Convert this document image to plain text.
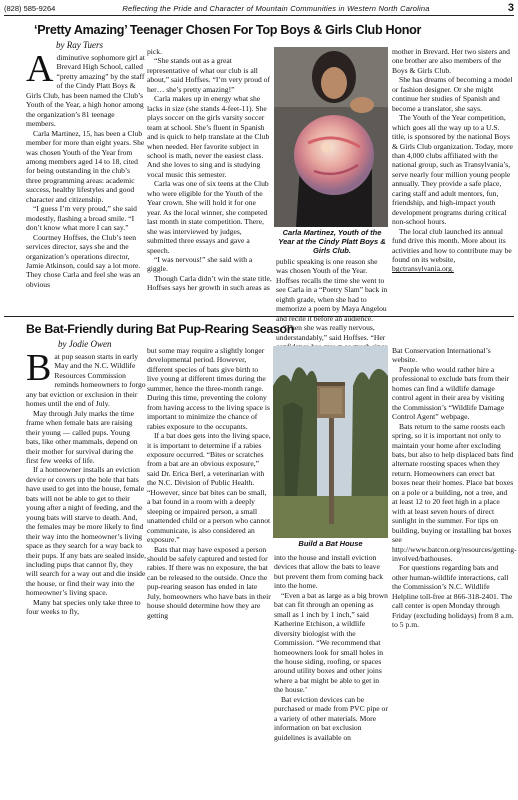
(828) 585-9264	Reflecting the Pride and Character of Mountain Communities in Western North Carolina	3
‘Pretty Amazing’ Teenager Chosen For Top Boys & Girls Club Honor
by Ray Tuers

Adiminutive sophomore girl at Brevard High School, called “pretty amazing” by the staff of the Cindy Platt Boys & Girls Club, has been named the Club’s Youth of the Year, a high honor among the organization’s 81 teenage members.

Carla Martinez, 15, has been a Club member for more than eight years. She was chosen Youth of the Year from among members aged 14 to 18, cited for being outstanding in the club’s three programming areas: academic success, healthy lifestyles and good character and citizenship.

“I guess I’m very proud,” she said modestly, flashing a broad smile. “I don’t know what more I can say.”

Courtney Hoffses, the Club’s teen services director, says she and the organization’s operations director, Jamie Atkinson, could say a lot more. They chose Carla and feel she was an obvious

pick.

“She stands out as a great representative of what our club is all about,” said Hoffses. “I’m very proud of her… she’s pretty amazing!”

Carla makes up in energy what she lacks in size (she stands 4-feet-11). She plays soccer on the girls varsity soccer team at school. She’s fluent in Spanish and is quick to help translate at the Club when needed. Her favorite subject in school is math, never the easiest class. And she loves to sing and is studying vocal music this semester.

Carla was one of six teens at the Club who were eligible for the Youth of the Year crown. She will hold it for one year. As the local winner, she competed last month in state competition. There, she was interviewed by judges, submitted three essays and gave a speech.

“I was nervous!” she said with a giggle.

Though Carla didn’t win the state title, Hoffses says her growth in such areas as

Carla Martinez, Youth of the Year at the Cindy Platt Boys & Girls Club.

public speaking is one reason she was chosen Youth of the Year. Hoffses recalls the time she went to see Carla in a “Poetry Slam” back in eighth grade, when she had to memorize a poem by Maya Angelou and recite it before an audience.

“Then she was really nervous, understandably,” said Hoffses. “Her

mother in Brevard. Her two sisters and one brother are also members of the Boys & Girls Club.

She has dreams of becoming a model or fashion designer. Or she might continue her studies of Spanish and become a translator, she says.

The Youth of the Year competition, which goes all the way up to a U.S. title, is sponsored by the national Boys & Girls Club organization. Today, more than 4,000 clubs affiliated with the national group, such as Transylvania’s, serve nearly four million young people annually. They provide a safe place, caring staff and adult mentors, fun, friendship, and high-impact youth development programs during critical non-school hours.

The local club launched its annual fund drive this month. More about its activities and how to contribute may be found on its website,

bgctransylvania.org.

Be Bat-Friendly during Bat Pup-Rearing Season
by Jodie Owen

Bat pup season starts in early May and the N.C. Wildlife Resources Commission reminds homeowners to forgo any bat eviction or exclusion in their homes until the end of July.

May through July marks the time frame when female bats are raising their young — called pups. Young bats, like other mammals, depend on their mother for survival during the first few weeks of life.

If a homeowner installs an eviction device or covers up the hole that bats have used to get into the house, female bats will not be able to get to their young after a night of feeding, and the young bats will starve to death. And, the females may be more likely to find their way into the homeowner’s living space as they search for a way back to their pups. If any bats are sealed inside, including pups that cannot fly, they will search for a way out and die inside the house, or find their way into the homeowner’s living space.

Many bat species only take three to four weeks to fly,

but some may require a slightly longer developmental period. However, different species of bats give birth to live young at different times during the summer, hence the three-month range. During this time, preventing the colony from having access to the living space is important to minimize the chance of rabies exposure to the occupants.

If a bat does gets into the living space, it is important to determine if a rabies exposure occurred. “Bites or scratches from a bat are an obvious exposure,” said Dr. Erica Berl, a veterinarian with the N.C. Division of Public Health. “However, since bat bites can be small, a bat found in a room with a deeply sleeping or impaired person, a small unattended child or a person who cannot communicate, is also considered an exposure.”

Bats that may have exposed a person should be safely captured and tested for rabies. If there was no exposure, the bat can be released to the outside. Once the pup-rearing season has ended in late July, homeowners who have bats in their house should determine how they are getting

Build a Bat House

into the house and install eviction devices that allow the bats to leave but prevent them from coming back into the home.

“Even a bat as large as a big brown bat can fit through an opening as small as 1 inch by 1 inch,” said Katherine Etchison, a wildlife diversity biologist with the Commission. “We recommend that homeowners look for small holes in the house siding, roofing, or spaces around utility boxes and other joins where a bat might be able to get in the house.’

Bat eviction devices can be purchased or made from PVC pipe or a variety of other materials. More information on bat exclusion guidelines is available on

Bat Conservation International’s website.

People who would rather hire a professional to exclude bats from their homes can find a wildlife damage control agent in their area by visiting the Commission’s “Wildlife Damage Control Agent” webpage.

Bats return to the same roosts each spring, so it is important not only to maintain your home after excluding bats, but also to help displaced bats find alternate roosting spaces when they return. Homeowners can erect bat boxes near their homes. Place bat boxes on a pole or a building, not a tree, and at least 12 to 20 feet high in a place with at least seven hours of direct sunlight in the summer. For tips on building, buying or installing bat boxes see http://www.batcon.org/resources/getting-involved/bathouses.

For questions regarding bats and other human-wildlife interactions, call the Commission’s N.C. Wildlife Helpline toll-free at 866-318-2401. The call center is open Monday through Friday (excluding holidays) from 8 a.m. to 5 p.m.
